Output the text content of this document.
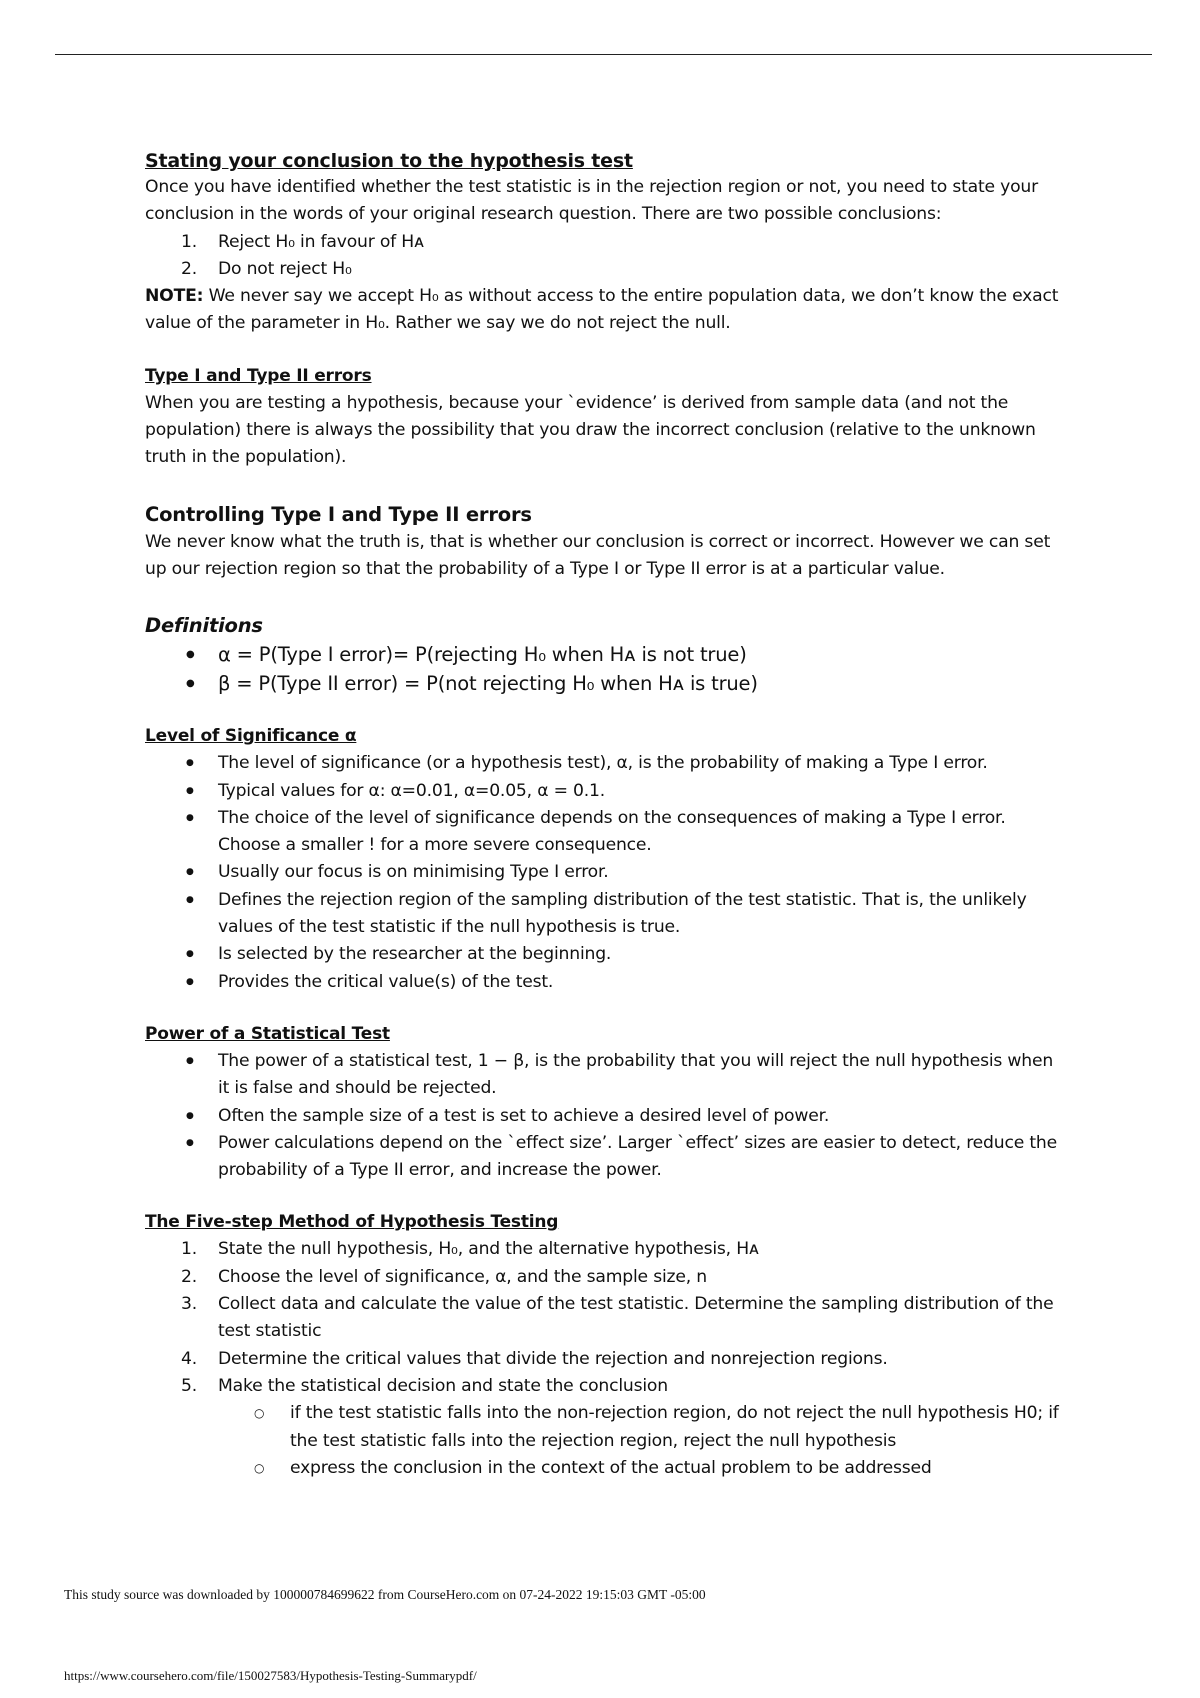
Stating your conclusion to the hypothesis test

Once you have identified whether the test statistic is in the rejection region or not, you need to state your conclusion in the words of your original research question. There are two possible conclusions:

1. Reject H₀ in favour of Hᴀ
2. Do not reject H₀

NOTE: We never say we accept H₀ as without access to the entire population data, we don’t know the exact value of the parameter in H₀. Rather we say we do not reject the null.

Type I and Type II errors

When you are testing a hypothesis, because your `evidence’ is derived from sample data (and not the population) there is always the possibility that you draw the incorrect conclusion (relative to the unknown truth in the population).

Controlling Type I and Type II errors

We never know what the truth is, that is whether our conclusion is correct or incorrect. However we can set up our rejection region so that the probability of a Type I or Type II error is at a particular value.

Definitions

● α = P(Type I error)= P(rejecting H₀ when Hᴀ is not true)
● β = P(Type II error) = P(not rejecting H₀ when Hᴀ is true)

Level of Significance α

● The level of significance (or a hypothesis test), α, is the probability of making a Type I error.
● Typical values for α: α=0.01, α=0.05, α = 0.1.
● The choice of the level of significance depends on the consequences of making a Type I error. Choose a smaller ! for a more severe consequence.
● Usually our focus is on minimising Type I error.
● Defines the rejection region of the sampling distribution of the test statistic. That is, the unlikely values of the test statistic if the null hypothesis is true.
● Is selected by the researcher at the beginning.
● Provides the critical value(s) of the test.

Power of a Statistical Test

● The power of a statistical test, 1 − β, is the probability that you will reject the null hypothesis when it is false and should be rejected.
● Often the sample size of a test is set to achieve a desired level of power.
● Power calculations depend on the `effect size’. Larger `effect’ sizes are easier to detect, reduce the probability of a Type II error, and increase the power.

The Five-step Method of Hypothesis Testing

1. State the null hypothesis, H₀, and the alternative hypothesis, Hᴀ
2. Choose the level of significance, α, and the sample size, n
3. Collect data and calculate the value of the test statistic. Determine the sampling distribution of the test statistic
4. Determine the critical values that divide the rejection and nonrejection regions.
5. Make the statistical decision and state the conclusion
○ if the test statistic falls into the non-rejection region, do not reject the null hypothesis H0; if the test statistic falls into the rejection region, reject the null hypothesis
○ express the conclusion in the context of the actual problem to be addressed
This study source was downloaded by 100000784699622 from CourseHero.com on 07-24-2022 19:15:03 GMT -05:00
https://www.coursehero.com/file/150027583/Hypothesis-Testing-Summarypdf/
